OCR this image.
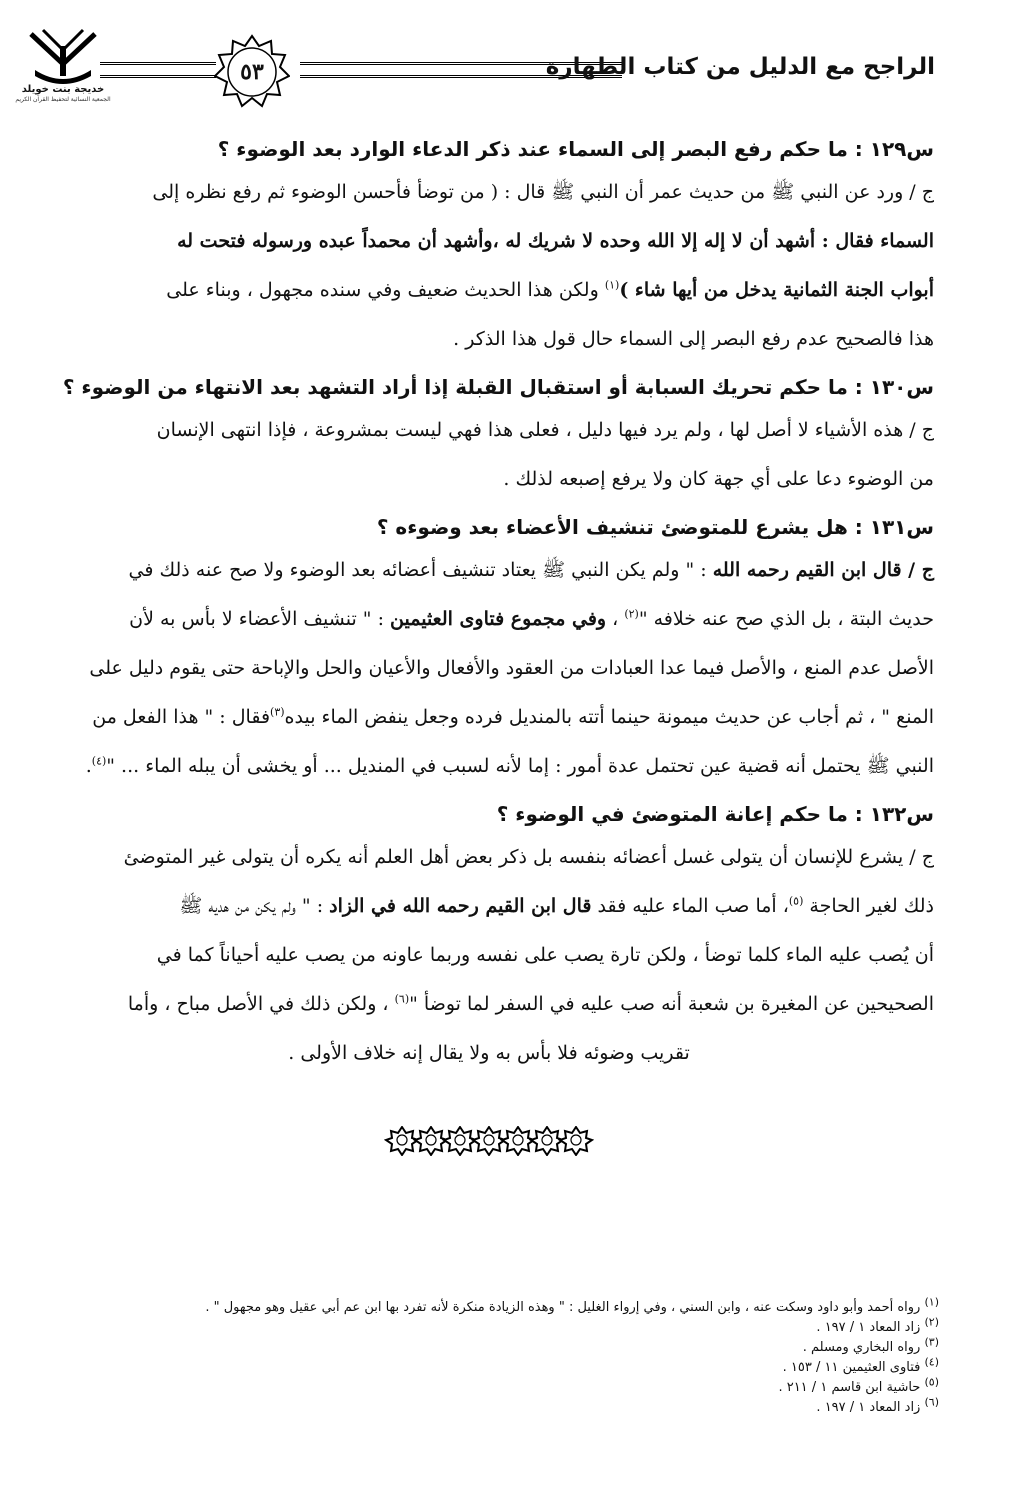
خديجة بنت خويلد
الجمعية النسائية لتحفيظ القرآن الكريم
٥٣	الراجح مع الدليل من كتاب الطهارة
س١٢٩ : ما حكم رفع البصر إلى السماء عند ذكر الدعاء الوارد بعد الوضوء ؟

ج / ورد عن النبي ﷺ من حديث عمر أن النبي ﷺ قال : ( من توضأ فأحسن الوضوء ثم رفع نظره إلى

السماء فقال : أشهد أن لا إله إلا الله وحده لا شريك له ،وأشهد أن محمداً عبده ورسوله فتحت له

أبواب الجنة الثمانية يدخل من أيها شاء )$^{(١)}$ ولكن هذا الحديث ضعيف وفي سنده مجهول ، وبناء على

هذا فالصحيح عدم رفع البصر إلى السماء حال قول هذا الذكر .

س١٣٠ : ما حكم تحريك السبابة أو استقبال القبلة إذا أراد التشهد بعد الانتهاء من الوضوء ؟

ج / هذه الأشياء لا أصل لها ، ولم يرد فيها دليل ، فعلى هذا فهي ليست بمشروعة ، فإذا انتهى الإنسان

من الوضوء دعا على أي جهة كان ولا يرفع إصبعه لذلك .

س١٣١ : هل يشرع للمتوضئ تنشيف الأعضاء بعد وضوءه ؟

ج / قال ابن القيم رحمه الله : " ولم يكن النبي ﷺ يعتاد تنشيف أعضائه بعد الوضوء ولا صح عنه ذلك في

حديث البتة ، بل الذي صح عنه خلافه "$^{(٢)}$ ، وفي مجموع فتاوى العثيمين : " تنشيف الأعضاء لا بأس به لأن

الأصل عدم المنع ، والأصل فيما عدا العبادات من العقود والأفعال والأعيان والحل والإباحة حتى يقوم دليل على

المنع " ، ثم أجاب عن حديث ميمونة حينما أتته بالمنديل فرده وجعل ينفض الماء بيده$^{(٣)}$فقال : " هذا الفعل من

النبي ﷺ يحتمل أنه قضية عين تحتمل عدة أمور : إما لأنه لسبب في المنديل ... أو يخشى أن يبله الماء ... "$^{(٤)}$.

س١٣٢ : ما حكم إعانة المتوضئ في الوضوء ؟

ج / يشرع للإنسان أن يتولى غسل أعضائه بنفسه بل ذكر بعض أهل العلم أنه يكره أن يتولى غير المتوضئ

ذلك لغير الحاجة $^{(٥)}$، أما صب الماء عليه فقد قال ابن القيم رحمه الله في الزاد : " ولم يكن من هديه ﷺ

أن يُصب عليه الماء كلما توضأ ، ولكن تارة يصب على نفسه وربما عاونه من يصب عليه أحياناً كما في

الصحيحين عن المغيرة بن شعبة أنه صب عليه في السفر لما توضأ "$^{(٦)}$ ، ولكن ذلك في الأصل مباح ، وأما

تقريب وضوئه فلا بأس به ولا يقال إنه خلاف الأولى .

$^{(١)}$ رواه أحمد وأبو داود وسكت عنه ، وابن السني ، وفي إرواء الغليل : " وهذه الزيادة منكرة لأنه تفرد بها ابن عم أبي عقيل وهو مجهول " .

$^{(٢)}$ زاد المعاد ١ / ١٩٧ .

$^{(٣)}$ رواه البخاري ومسلم .

$^{(٤)}$ فتاوى العثيمين ١١ / ١٥٣ .

$^{(٥)}$ حاشية ابن قاسم ١ / ٢١١ .

$^{(٦)}$ زاد المعاد ١ / ١٩٧ .
